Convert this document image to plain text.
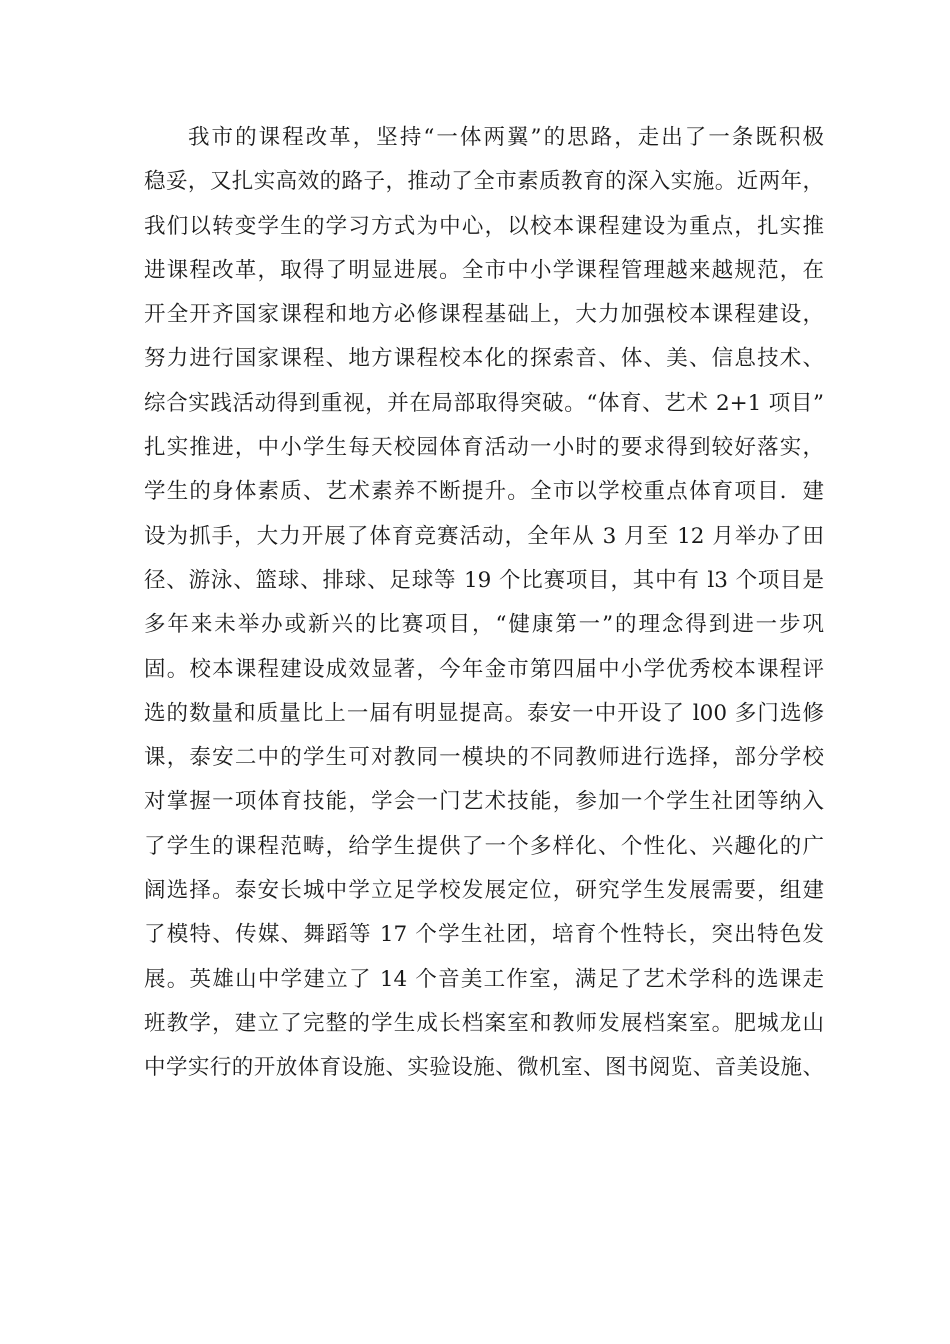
我市的课程改革，坚持“一体两翼”的思路，走出了一条既积极
稳妥，又扎实高效的路子，推动了全市素质教育的深入实施。近两年，
我们以转变学生的学习方式为中心，以校本课程建设为重点，扎实推
进课程改革，取得了明显进展。全市中小学课程管理越来越规范，在
开全开齐国家课程和地方必修课程基础上，大力加强校本课程建设，
努力进行国家课程、地方课程校本化的探索音、体、美、信息技术、
综合实践活动得到重视，并在局部取得突破。“体育、艺术 2+1 项目”
扎实推进，中小学生每天校园体育活动一小时的要求得到较好落实，
学生的身体素质、艺术素养不断提升。全市以学校重点体育项目．建
设为抓手，大力开展了体育竞赛活动，全年从 3 月至 12 月举办了田
径、游泳、篮球、排球、足球等 19 个比赛项目，其中有 l3 个项目是
多年来未举办或新兴的比赛项目，“健康第一”的理念得到进一步巩
固。校本课程建设成效显著，今年金市第四届中小学优秀校本课程评
选的数量和质量比上一届有明显提高。泰安一中开设了 l00 多门选修
课，泰安二中的学生可对教同一模块的不同教师进行选择，部分学校
对掌握一项体育技能，学会一门艺术技能，参加一个学生社团等纳入
了学生的课程范畴，给学生提供了一个多样化、个性化、兴趣化的广
阔选择。泰安长城中学立足学校发展定位，研究学生发展需要，组建
了模特、传媒、舞蹈等 17 个学生社团，培育个性特长，突出特色发
展。英雄山中学建立了 14 个音美工作室，满足了艺术学科的选课走
班教学，建立了完整的学生成长档案室和教师发展档案室。肥城龙山
中学实行的开放体育设施、实验设施、微机室、图书阅览、音美设施、
